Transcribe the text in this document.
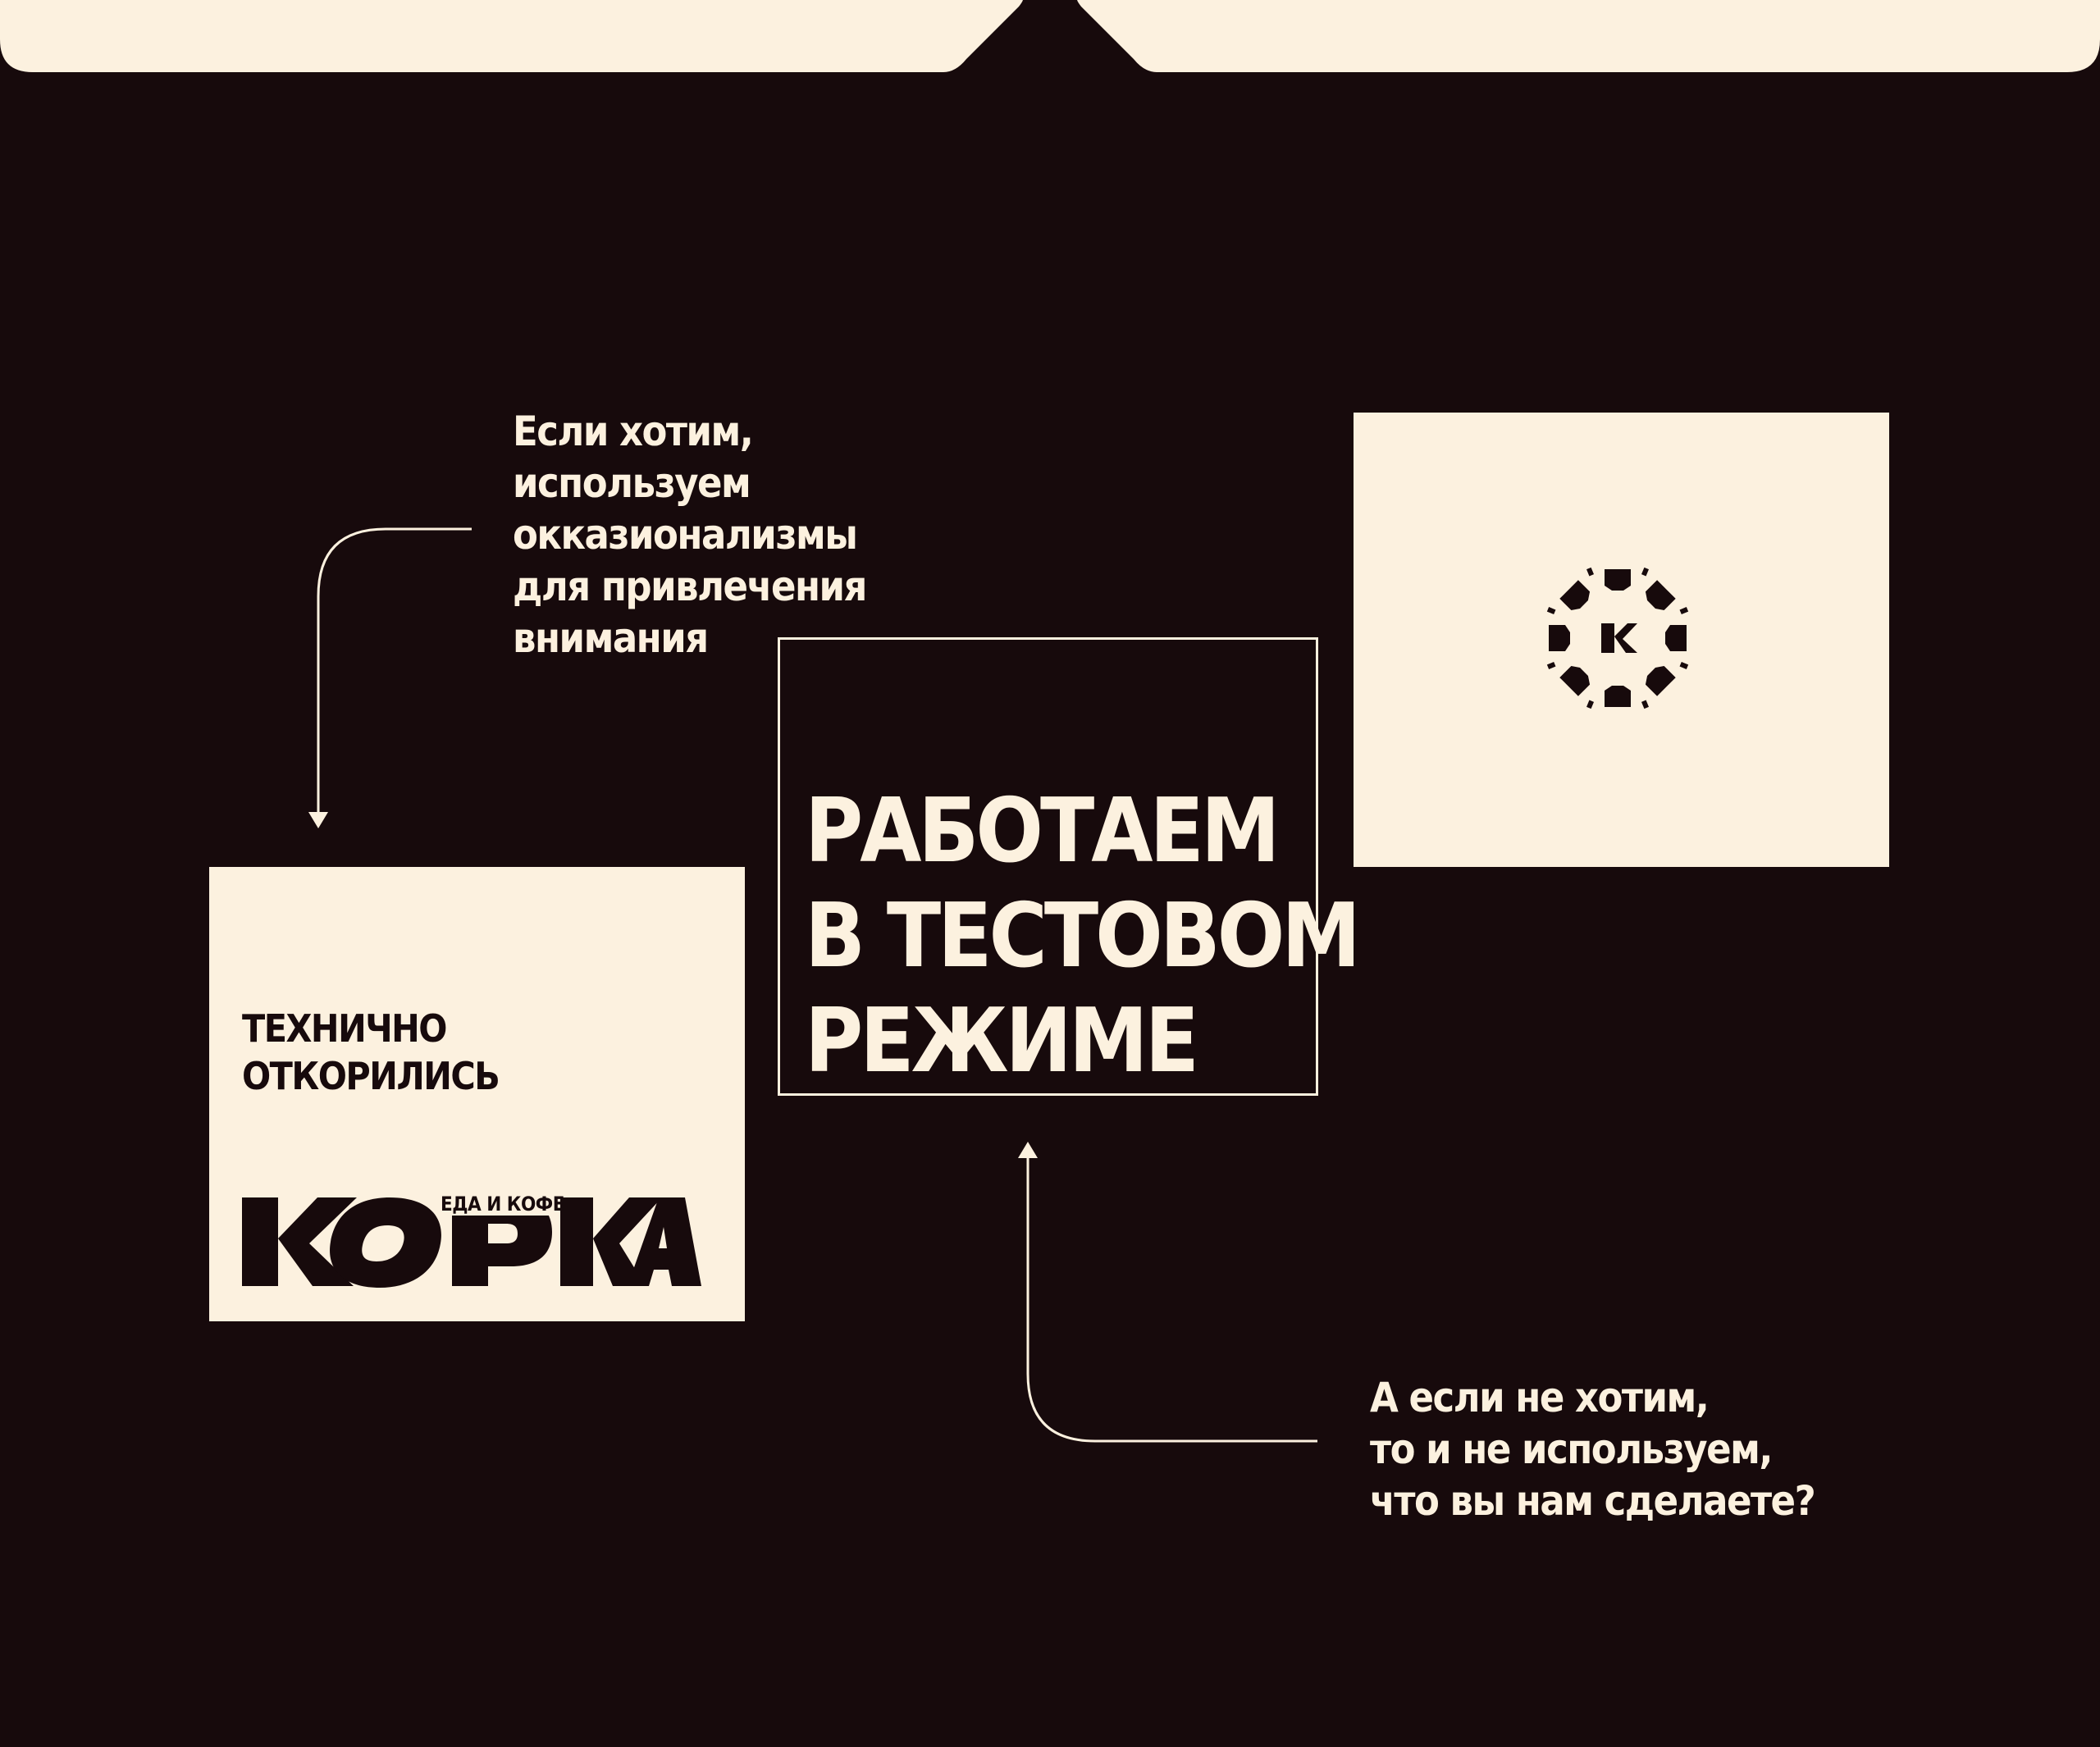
Если хотим,
используем
окказионализмы
для привлечения
внимания
ТЕХНИЧНО
ОТКОРИЛИСЬ
ЕДА И КОФЕ
РАБОТАЕМ
В ТЕСТОВОМ
РЕЖИМЕ
А если не хотим,
то и не используем,
что вы нам сделаете?
